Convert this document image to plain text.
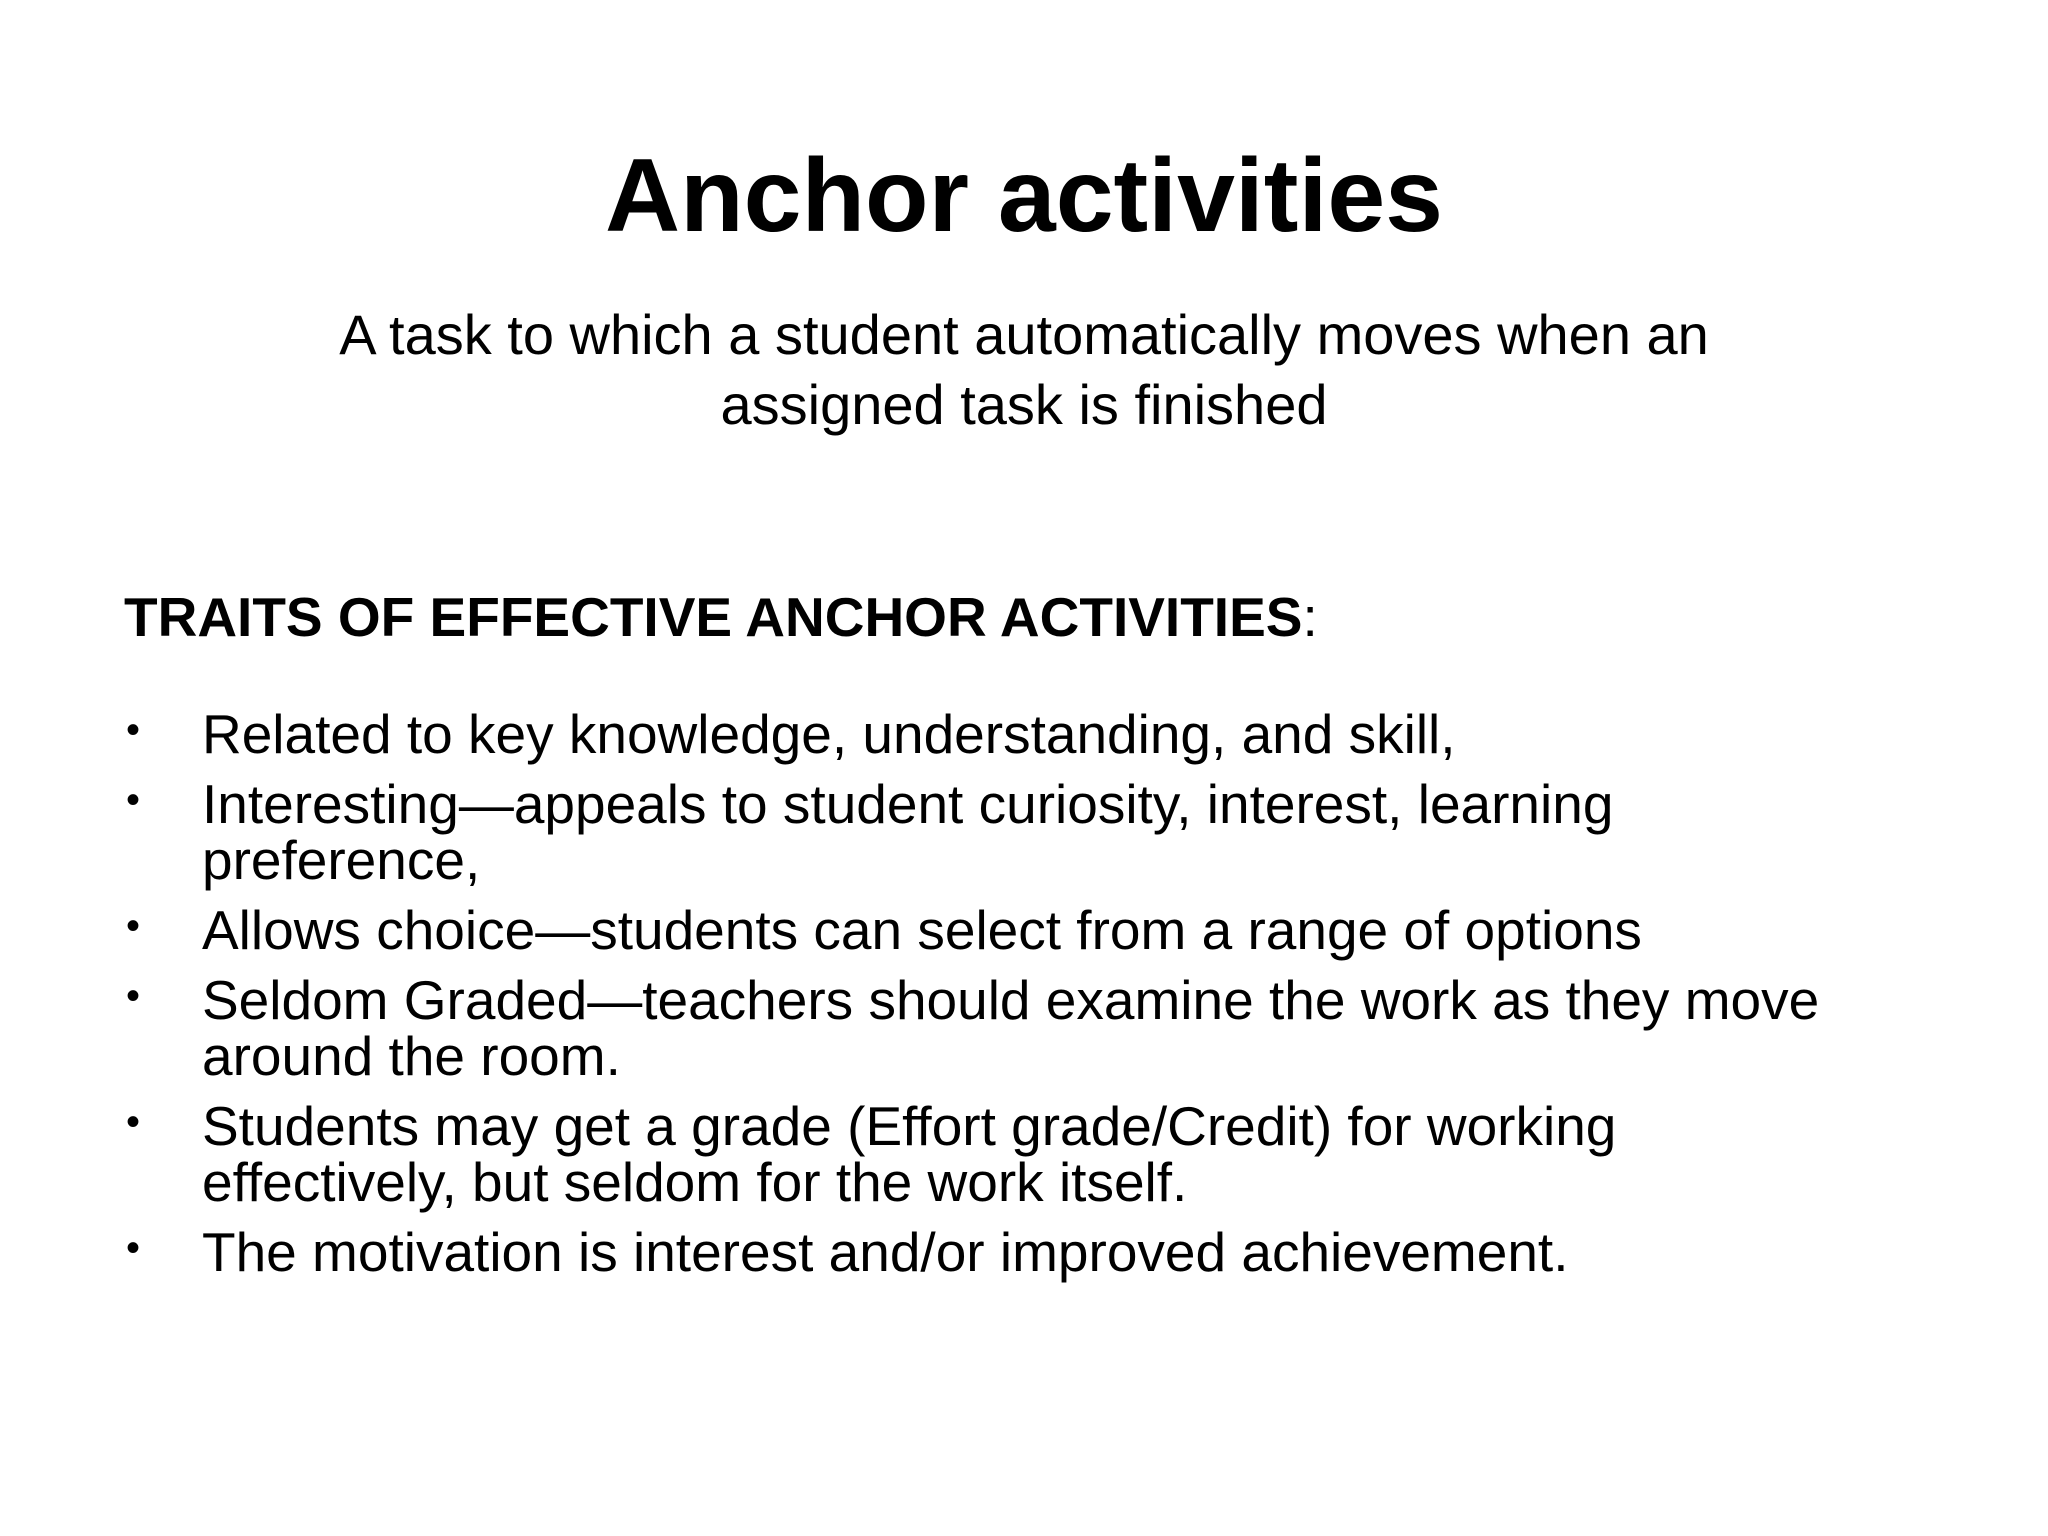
Anchor activities

A task to which a student automatically moves when an
assigned task is finished

TRAITS OF EFFECTIVE ANCHOR ACTIVITIES:

• Related to key knowledge, understanding, and skill,
• Interesting—appeals to student curiosity, interest, learning
preference,
• Allows choice—students can select from a range of options
• Seldom Graded—teachers should examine the work as they move
around the room.
• Students may get a grade (Effort grade/Credit) for working
effectively, but seldom for the work itself.
• The motivation is interest and/or improved achievement.
